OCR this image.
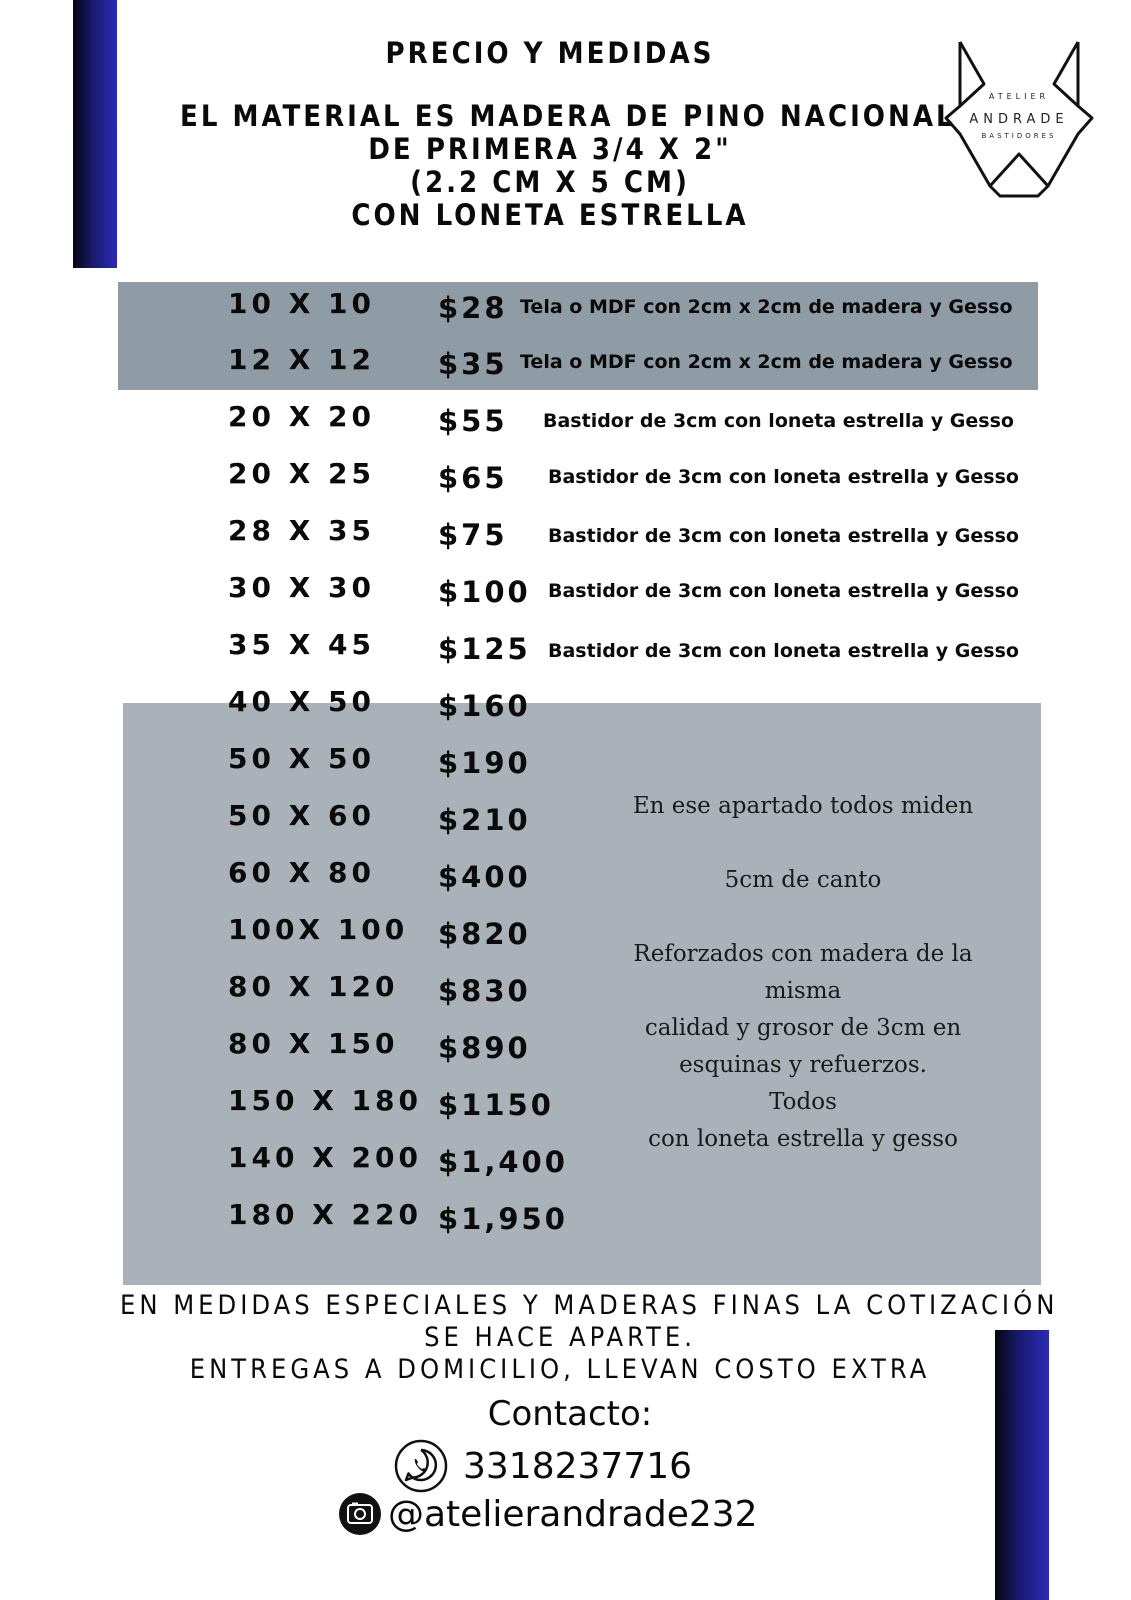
PRECIO Y MEDIDAS
EL MATERIAL ES MADERA DE PINO NACIONAL
DE PRIMERA 3/4 X 2"
(2.2 CM X 5 CM)
CON LONETA ESTRELLA
ATELIER
ANDRADE
BASTIDORES
10 X 10 $28 Tela o MDF con 2cm x 2cm de madera y Gesso
12 X 12 $35 Tela o MDF con 2cm x 2cm de madera y Gesso
20 X 20 $55 Bastidor de 3cm con loneta estrella y Gesso
20 X 25 $65 Bastidor de 3cm con loneta estrella y Gesso
28 X 35 $75 Bastidor de 3cm con loneta estrella y Gesso
30 X 30 $100 Bastidor de 3cm con loneta estrella y Gesso
35 X 45 $125 Bastidor de 3cm con loneta estrella y Gesso
40 X 50 $160
50 X 50 $190
50 X 60 $210
60 X 80 $400
100X 100 $820
80 X 120 $830
80 X 150 $890
150 X 180 $1150
140 X 200 $1,400
180 X 220 $1,950
En ese apartado todos miden
5cm de canto
Reforzados con madera de la
misma
calidad y grosor de 3cm en
esquinas y refuerzos.
Todos
con loneta estrella y gesso
EN MEDIDAS ESPECIALES Y MADERAS FINAS LA COTIZACIÓN
SE HACE APARTE.
ENTREGAS A DOMICILIO, LLEVAN COSTO EXTRA
Contacto:
3318237716
@atelierandrade232
